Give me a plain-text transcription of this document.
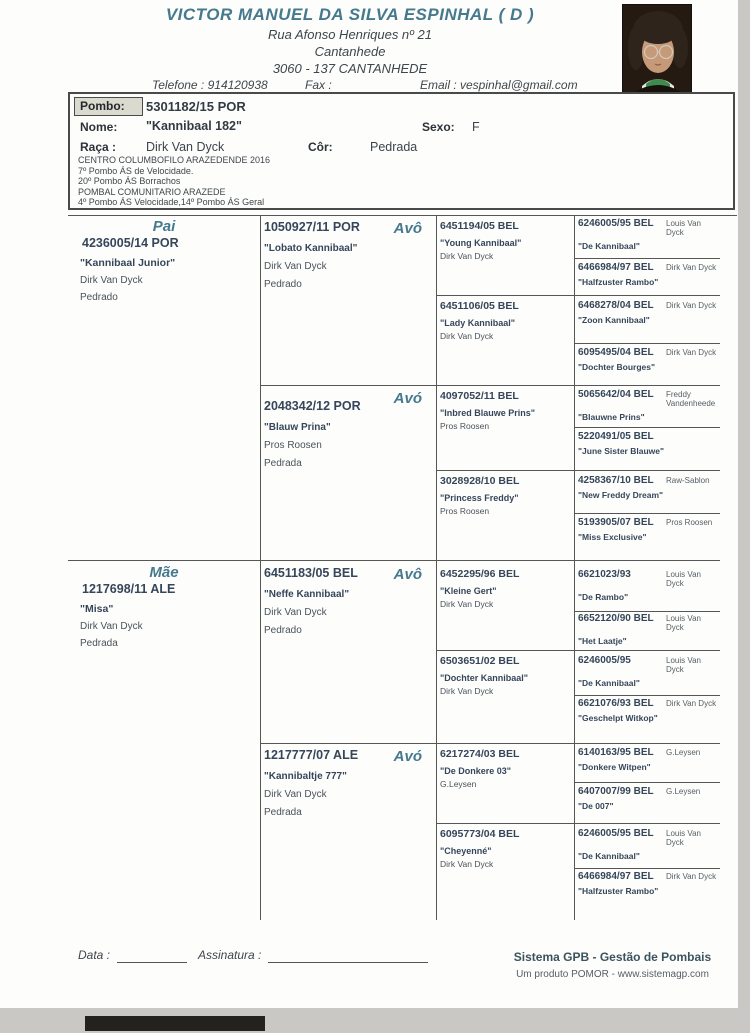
VICTOR MANUEL DA SILVA ESPINHAL ( D )
Rua Afonso Henriques nº 21
Cantanhede
3060 - 137 CANTANHEDE
Telefone : 914120938	Fax :	Email : vespinhal@gmail.com
Pombo:	5301182/15 POR
Nome: "Kannibaal 182"	Sexo: F
Raça : Dirk Van Dyck	Côr:	Pedrada
CENTRO COLUMBOFILO ARAZEDENDE 2016
7º Pombo ÁS de Velocidade.
20º Pombo ÁS Borrachos
POMBAL COMUNITARIO ARAZEDE
4º Pombo ÁS Velocidade,14º Pombo ÁS Geral
Pai
4236005/14 POR
"Kannibaal Junior"
Dirk Van Dyck
Pedrado
Mãe
1217698/11 ALE
"Misa"
Dirk Van Dyck
Pedrada
Avô
1050927/11 POR
"Lobato Kannibaal"
Dirk Van Dyck
Pedrado
Avó
2048342/12 POR
"Blauw Prina"
Pros Roosen
Pedrada
Avô
6451183/05 BEL
"Neffe Kannibaal"
Dirk Van Dyck
Pedrado
Avó
1217777/07 ALE
"Kannibaltje 777"
Dirk Van Dyck
Pedrada
6451194/05 BEL
"Young Kannibaal"
Dirk Van Dyck
6451106/05 BEL
"Lady Kannibaal"
Dirk Van Dyck
4097052/11 BEL
"Inbred Blauwe Prins"
Pros Roosen
3028928/10 BEL
"Princess Freddy"
Pros Roosen
6452295/96 BEL
"Kleine Gert"
Dirk Van Dyck
6503651/02 BEL
"Dochter Kannibaal"
Dirk Van Dyck
6217274/03 BEL
"De Donkere 03"
G.Leysen
6095773/04 BEL
"Cheyenné"
Dirk Van Dyck
6246005/95 BEL	Louis Van Dyck
"De Kannibaal"
6466984/97 BEL	Dirk Van Dyck
"Halfzuster Rambo"
6468278/04 BEL	Dirk Van Dyck
"Zoon Kannibaal"
6095495/04 BEL	Dirk Van Dyck
"Dochter Bourges"
5065642/04 BEL	Freddy Vandenheede
"Blauwne Prins"
5220491/05 BEL
"June Sister Blauwe"
4258367/10 BEL	Raw-Sablon
"New Freddy Dream"
5193905/07 BEL	Pros Roosen
"Miss Exclusive"
6621023/93	Louis Van Dyck
"De Rambo"
6652120/90 BEL	Louis Van Dyck
"Het Laatje"
6246005/95	Louis Van Dyck
"De Kannibaal"
6621076/93 BEL	Dirk Van Dyck
"Geschelpt Witkop"
6140163/95 BEL	G.Leysen
"Donkere Witpen"
6407007/99 BEL	G.Leysen
"De 007"
6246005/95 BEL	Louis Van Dyck
"De Kannibaal"
6466984/97 BEL	Dirk Van Dyck
"Halfzuster Rambo"
Data :	Assinatura :	Sistema GPB - Gestão de Pombais
Um produto POMOR - www.sistemagp.com
